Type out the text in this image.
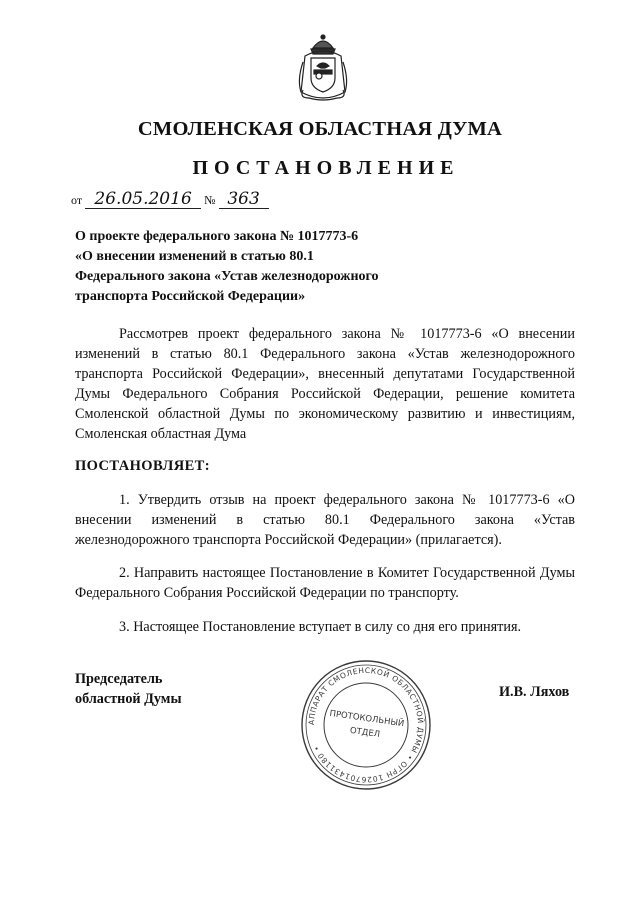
СМОЛЕНСКАЯ ОБЛАСТНАЯ ДУМА
ПОСТАНОВЛЕНИЕ
от 26.05.2016 № 363
О проекте федерального закона № 1017773-6
«О внесении изменений в статью 80.1
Федерального закона «Устав железнодорожного
транспорта Российской Федерации»
Рассмотрев проект федерального закона № 1017773-6 «О внесении изменений в статью 80.1 Федерального закона «Устав железнодорожного транспорта Российской Федерации», внесенный депутатами Государственной Думы Федерального Собрания Российской Федерации, решение комитета Смоленской областной Думы по экономическому развитию и инвестициям, Смоленская областная Дума
ПОСТАНОВЛЯЕТ:
1. Утвердить отзыв на проект федерального закона № 1017773-6 «О внесении изменений в статью 80.1 Федерального закона «Устав железнодорожного транспорта Российской Федерации» (прилагается).
2. Направить настоящее Постановление в Комитет Государственной Думы Федерального Собрания Российской Федерации по транспорту.
3. Настоящее Постановление вступает в силу со дня его принятия.
Председатель
областной Думы	И.В. Ляхов
АППАРАТ СМОЛЕНСКОЙ ОБЛАСТНОЙ ДУМЫ • ОГРН 1026701431180 •
ПРОТОКОЛЬНЫЙ
ОТДЕЛ
